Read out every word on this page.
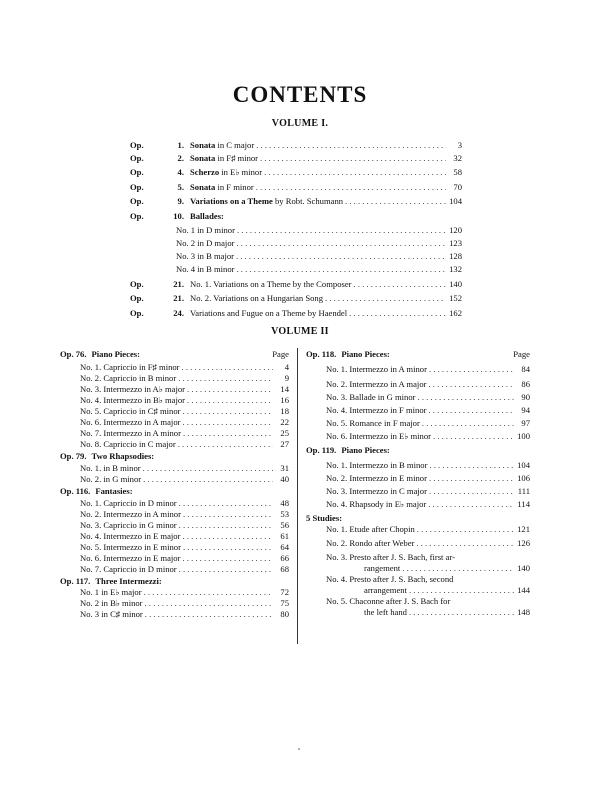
CONTENTS
VOLUME I.
Op.	1. Sonata in C major . . .	3
Op.	2. Sonata in F♯ minor . . .	32
Op.	4. Scherzo in E♭ minor . . .	58
Op.	5. Sonata in F minor . . .	70
Op.	9. Variations on a Theme by Robt. Schumann . . .	104
Op.	10. Ballades:
No. 1 in D minor . . .	120
No. 2 in D major . . .	123
No. 3 in B major . . .	128
No. 4 in B minor . . .	132
Op.	21. No. 1. Variations on a Theme by the Composer . . .	140
Op.	21. No. 2. Variations on a Hungarian Song . . .	152
Op.	24. Variations and Fugue on a Theme by Haendel . . .	162
VOLUME II
Op. 76. Piano Pieces:	Page
No. 1. Capriccio in F♯ minor . . .	4
No. 2. Capriccio in B minor . . .	9
No. 3. Intermezzo in A♭ major . . .	14
No. 4. Intermezzo in B♭ major . . .	16
No. 5. Capriccio in C♯ minor . . .	18
No. 6. Intermezzo in A major . . .	22
No. 7. Intermezzo in A minor . . .	25
No. 8. Capriccio in C major . . .	27
Op. 79. Two Rhapsodies:
No. 1. in B minor . . .	31
No. 2. in G minor . . .	40
Op. 116. Fantasies:
No. 1. Capriccio in D minor . . .	48
No. 2. Intermezzo in A minor . . .	53
No. 3. Capriccio in G minor . . .	56
No. 4. Intermezzo in E major . . .	61
No. 5. Intermezzo in E minor . . .	64
No. 6. Intermezzo in E major . . .	66
No. 7. Capriccio in D minor . . .	68
Op. 117. Three Intermezzi:
No. 1 in E♭ major . . .	72
No. 2 in B♭ minor . . .	75
No. 3 in C♯ minor . . .	80
Op. 118. Piano Pieces:	Page
No. 1. Intermezzo in A minor . . .	84
No. 2. Intermezzo in A major . . .	86
No. 3. Ballade in G minor . . .	90
No. 4. Intermezzo in F minor . . .	94
No. 5. Romance in F major . . .	97
No. 6. Intermezzo in E♭ minor . . .	100
Op. 119. Piano Pieces:
No. 1. Intermezzo in B minor . . .	104
No. 2. Intermezzo in E minor . . .	106
No. 3. Intermezzo in C major . . .	111
No. 4. Rhapsody in E♭ major . . .	114
5 Studies:
No. 1. Etude after Chopin . . .	121
No. 2. Rondo after Weber . . .	126
No. 3. Presto after J. S. Bach, first ar-
rangement . . .	140
No. 4. Presto after J. S. Bach, second
arrangement . . .	144
No. 5. Chaconne after J. S. Bach for
the left hand . . .	148
